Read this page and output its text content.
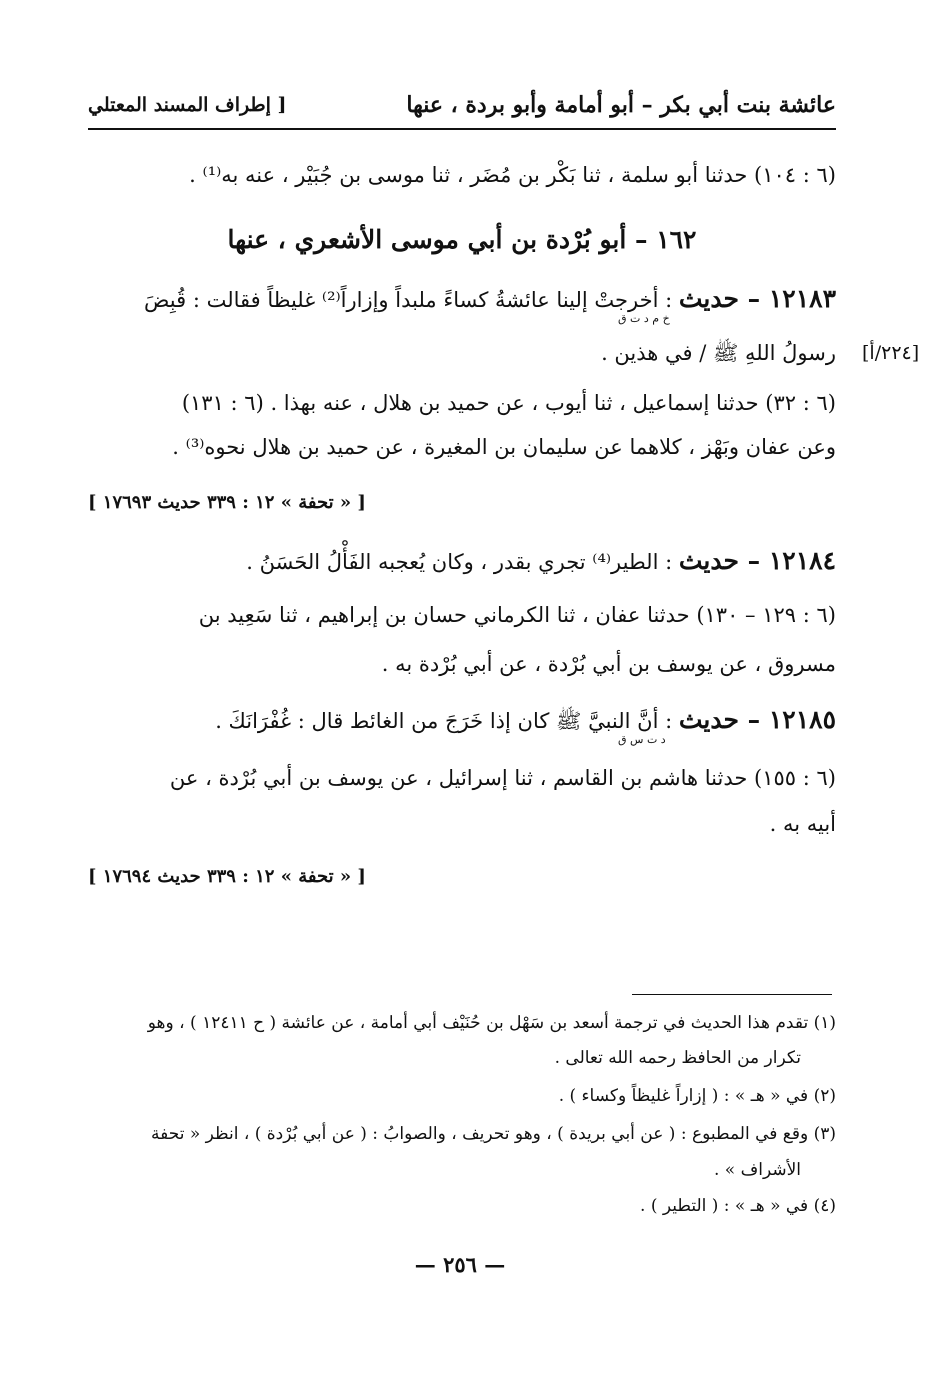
عائشة بنت أبي بكر – أبو أمامة وأبو بردة ، عنها
[ إطراف المسند المعتلي
(٦ : ١٠٤) حدثنا أبو سلمة ، ثنا بَكْر بن مُضَر ، ثنا موسى بن جُبَيْر ، عنه به⁽¹⁾ .
١٦٢ – أبو بُرْدة بن أبي موسى الأشعري ، عنها
١٢١٨٣ – حديث : أخرجتْ إلينا عائشةُ كساءً ملبداً وإزاراً⁽²⁾ غليظاً فقالت : قُبِضَ
خ م د ت ق
رسولُ اللهِ ﷺ / في هذين . [٢٢٤/أ]
(٦ : ٣٢) حدثنا إسماعيل ، ثنا أيوب ، عن حميد بن هلال ، عنه بهذا . (٦ : ١٣١)
وعن عفان وبَهْز ، كلاهما عن سليمان بن المغيرة ، عن حميد بن هلال نحوه⁽³⁾ .
[ « تحفة » ١٢ : ٣٣٩ حديث ١٧٦٩٣ ]
١٢١٨٤ – حديث : الطير⁽⁴⁾ تجري بقدر ، وكان يُعجبه الفَأْلُ الحَسَنُ .
(٦ : ١٢٩ – ١٣٠) حدثنا عفان ، ثنا الكرماني حسان بن إبراهيم ، ثنا سَعِيد بن
مسروق ، عن يوسف بن أبي بُرْدة ، عن أبي بُرْدة به .
١٢١٨٥ – حديث : أنَّ النبيَّ ﷺ كان إذا خَرَجَ من الغائط قال : غُفْرَانَكَ .
د ت س ق
(٦ : ١٥٥) حدثنا هاشم بن القاسم ، ثنا إسرائيل ، عن يوسف بن أبي بُرْدة ، عن
أبيه به .
[ « تحفة » ١٢ : ٣٣٩ حديث ١٧٦٩٤ ]
(١) تقدم هذا الحديث في ترجمة أسعد بن سَهْل بن حُنَيْف أبي أمامة ، عن عائشة ( ح ١٢٤١١ ) ، وهو
تكرار من الحافظ رحمه الله تعالى .
(٢) في « هـ » : ( إزاراً غليظاً وكساء ) .
(٣) وقع في المطبوع : ( عن أبي بريدة ) ، وهو تحريف ، والصوابُ : ( عن أبي بُرْدة ) ، انظر « تحفة
الأشراف » .
(٤) في « هـ » : ( التطير ) .
— ٢٥٦ —
